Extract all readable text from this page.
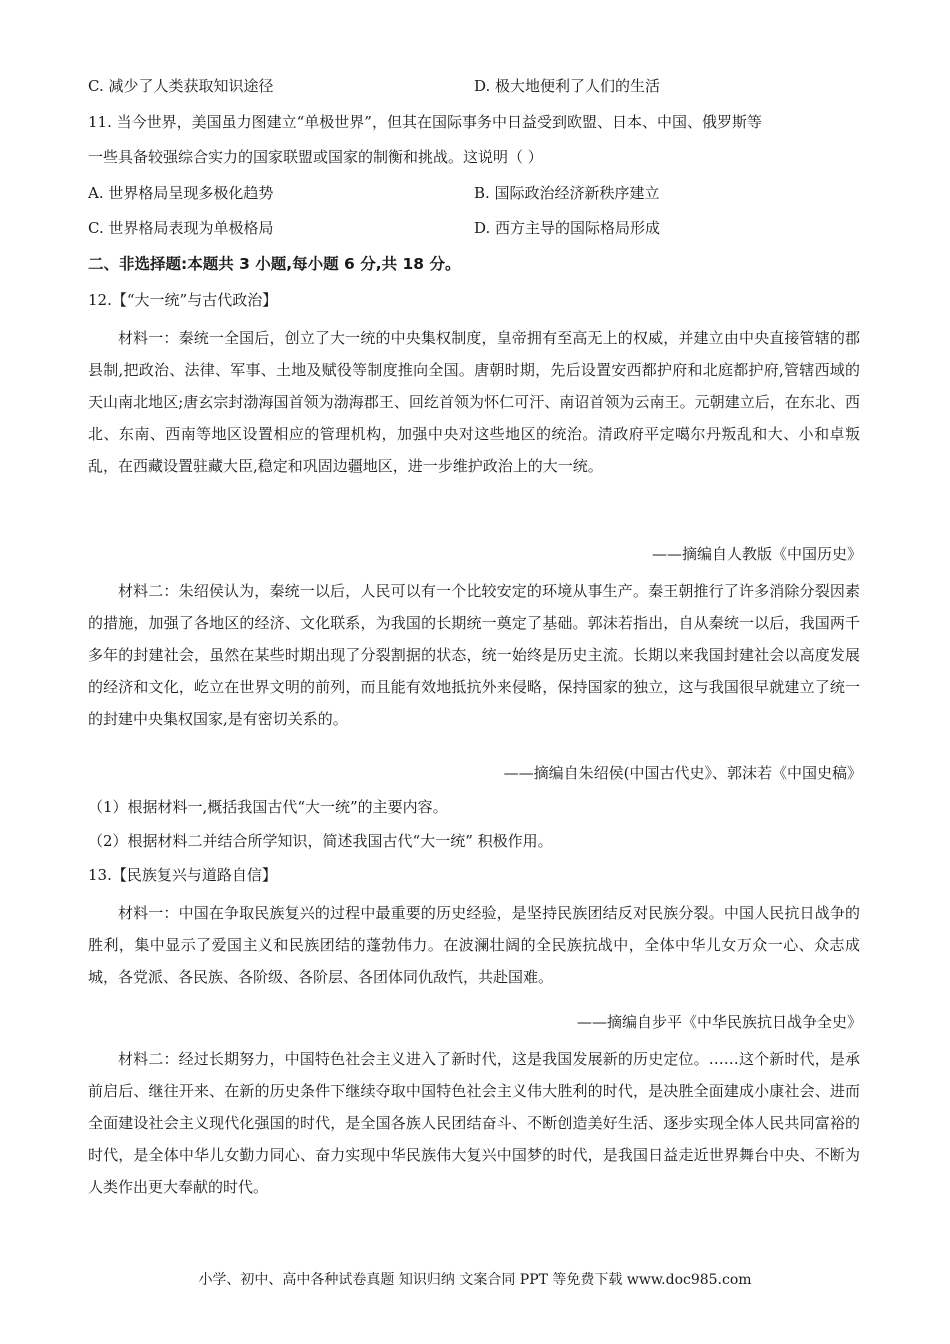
C. 减少了人类获取知识途径	D. 极大地便利了人们的生活
11. 当今世界，美国虽力图建立“单极世界”，但其在国际事务中日益受到欧盟、日本、中国、俄罗斯等
一些具备较强综合实力的国家联盟或国家的制衡和挑战。这说明（ ）
A. 世界格局呈现多极化趋势	B. 国际政治经济新秩序建立
C. 世界格局表现为单极格局	D. 西方主导的国际格局形成
二、非选择题:本题共 3 小题,每小题 6 分,共 18 分。
12.【“大一统”与古代政治】
材料一：秦统一全国后，创立了大一统的中央集权制度，皇帝拥有至高无上的权威，并建立由中央直接管辖的郡县制,把政治、法律、军事、土地及赋役等制度推向全国。唐朝时期，先后设置安西都护府和北庭都护府,管辖西域的天山南北地区;唐玄宗封渤海国首领为渤海郡王、回纥首领为怀仁可汗、南诏首领为云南王。元朝建立后，在东北、西北、东南、西南等地区设置相应的管理机构，加强中央对这些地区的统治。清政府平定噶尔丹叛乱和大、小和卓叛乱，在西藏设置驻藏大臣,稳定和巩固边疆地区，进一步维护政治上的大一统。
——摘编自人教版《中国历史》
材料二：朱绍侯认为，秦统一以后，人民可以有一个比较安定的环境从事生产。秦王朝推行了许多消除分裂因素的措施，加强了各地区的经济、文化联系，为我国的长期统一奠定了基础。郭沫若指出，自从秦统一以后，我国两千多年的封建社会，虽然在某些时期出现了分裂割据的状态，统一始终是历史主流。长期以来我国封建社会以高度发展的经济和文化，屹立在世界文明的前列，而且能有效地抵抗外来侵略，保持国家的独立，这与我国很早就建立了统一的封建中央集权国家,是有密切关系的。
——摘编自朱绍侯(中国古代史》、郭沫若《中国史稿》
（1）根据材料一,概括我国古代“大一统”的主要内容。
（2）根据材料二并结合所学知识，简述我国古代“大一统” 积极作用。
13.【民族复兴与道路自信】
材料一：中国在争取民族复兴的过程中最重要的历史经验，是坚持民族团结反对民族分裂。中国人民抗日战争的胜利，集中显示了爱国主义和民族团结的蓬勃伟力。在波澜壮阔的全民族抗战中，全体中华儿女万众一心、众志成城，各党派、各民族、各阶级、各阶层、各团体同仇敌忾，共赴国难。
——摘编自步平《中华民族抗日战争全史》
材料二：经过长期努力，中国特色社会主义进入了新时代，这是我国发展新的历史定位。……这个新时代，是承前启后、继往开来、在新的历史条件下继续夺取中国特色社会主义伟大胜利的时代，是决胜全面建成小康社会、进而全面建设社会主义现代化强国的时代，是全国各族人民团结奋斗、不断创造美好生活、逐步实现全体人民共同富裕的时代，是全体中华儿女勤力同心、奋力实现中华民族伟大复兴中国梦的时代，是我国日益走近世界舞台中央、不断为人类作出更大奉献的时代。
小学、初中、高中各种试卷真题 知识归纳 文案合同 PPT 等免费下载 www.doc985.com
